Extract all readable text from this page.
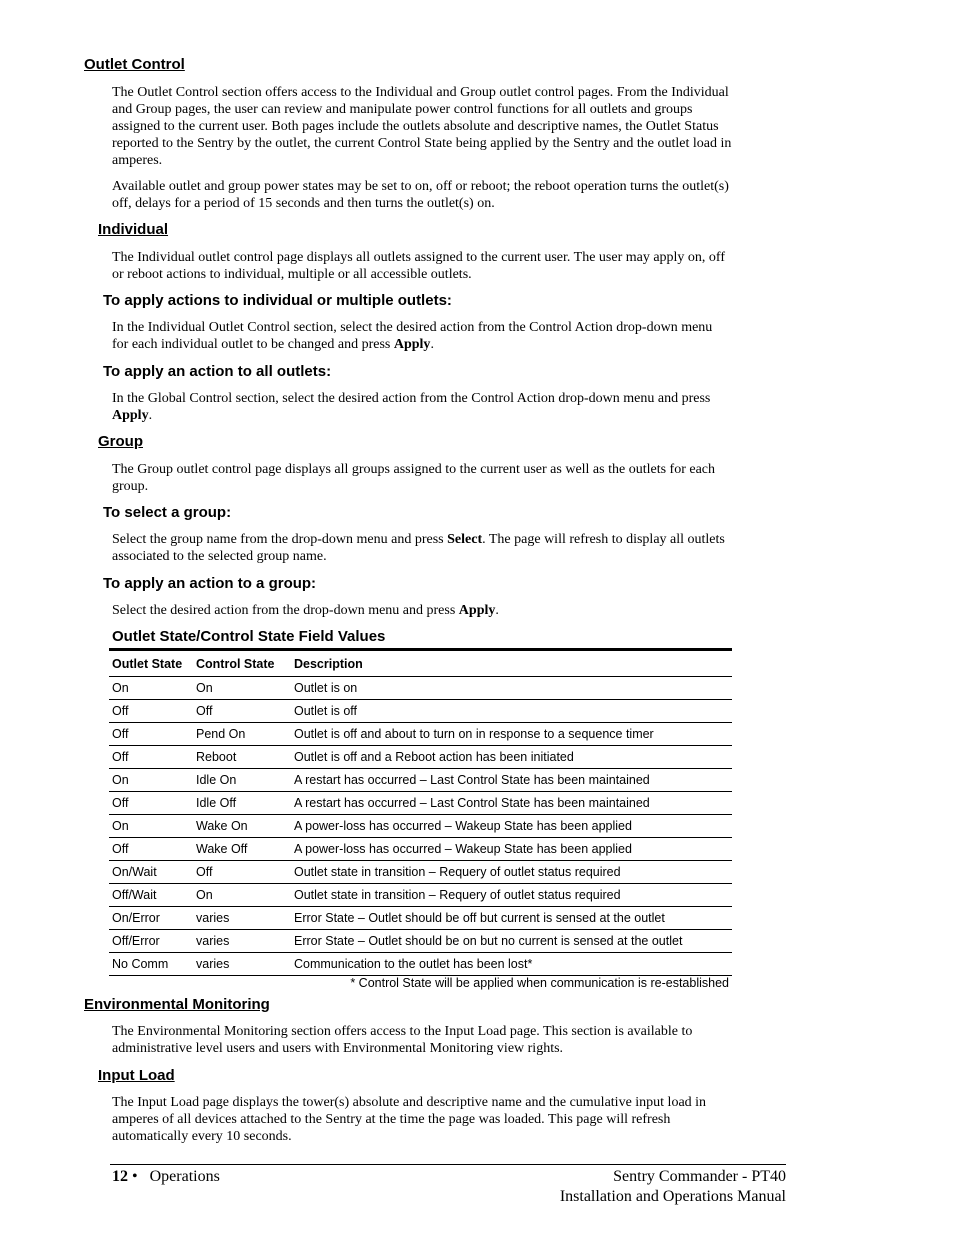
Outlet Control
The Outlet Control section offers access to the Individual and Group outlet control pages. From the Individual and Group pages, the user can review and manipulate power control functions for all outlets and groups assigned to the current user. Both pages include the outlets absolute and descriptive names, the Outlet Status reported to the Sentry by the outlet, the current Control State being applied by the Sentry and the outlet load in amperes.
Available outlet and group power states may be set to on, off or reboot; the reboot operation turns the outlet(s) off, delays for a period of 15 seconds and then turns the outlet(s) on.
Individual
The Individual outlet control page displays all outlets assigned to the current user. The user may apply on, off or reboot actions to individual, multiple or all accessible outlets.
To apply actions to individual or multiple outlets:
In the Individual Outlet Control section, select the desired action from the Control Action drop-down menu for each individual outlet to be changed and press Apply.
To apply an action to all outlets:
In the Global Control section, select the desired action from the Control Action drop-down menu and press Apply.
Group
The Group outlet control page displays all groups assigned to the current user as well as the outlets for each group.
To select a group:
Select the group name from the drop-down menu and press Select. The page will refresh to display all outlets associated to the selected group name.
To apply an action to a group:
Select the desired action from the drop-down menu and press Apply.
Outlet State/Control State Field Values
Outlet State	Control State	Description
On	On	Outlet is on
Off	Off	Outlet is off
Off	Pend On	Outlet is off and about to turn on in response to a sequence timer
Off	Reboot	Outlet is off and a Reboot action has been initiated
On	Idle On	A restart has occurred – Last Control State has been maintained
Off	Idle Off	A restart has occurred – Last Control State has been maintained
On	Wake On	A power-loss has occurred – Wakeup State has been applied
Off	Wake Off	A power-loss has occurred – Wakeup State has been applied
On/Wait	Off	Outlet state in transition – Requery of outlet status required
Off/Wait	On	Outlet state in transition – Requery of outlet status required
On/Error	varies	Error State – Outlet should be off but current is sensed at the outlet
Off/Error	varies	Error State – Outlet should be on but no current is sensed at the outlet
No Comm	varies	Communication to the outlet has been lost*
* Control State will be applied when communication is re-established
Environmental Monitoring
The Environmental Monitoring section offers access to the Input Load page. This section is available to administrative level users and users with Environmental Monitoring view rights.
Input Load
The Input Load page displays the tower(s) absolute and descriptive name and the cumulative input load in amperes of all devices attached to the Sentry at the time the page was loaded. This page will refresh automatically every 10 seconds.
12 • Operations	Sentry Commander - PT40
Installation and Operations Manual
